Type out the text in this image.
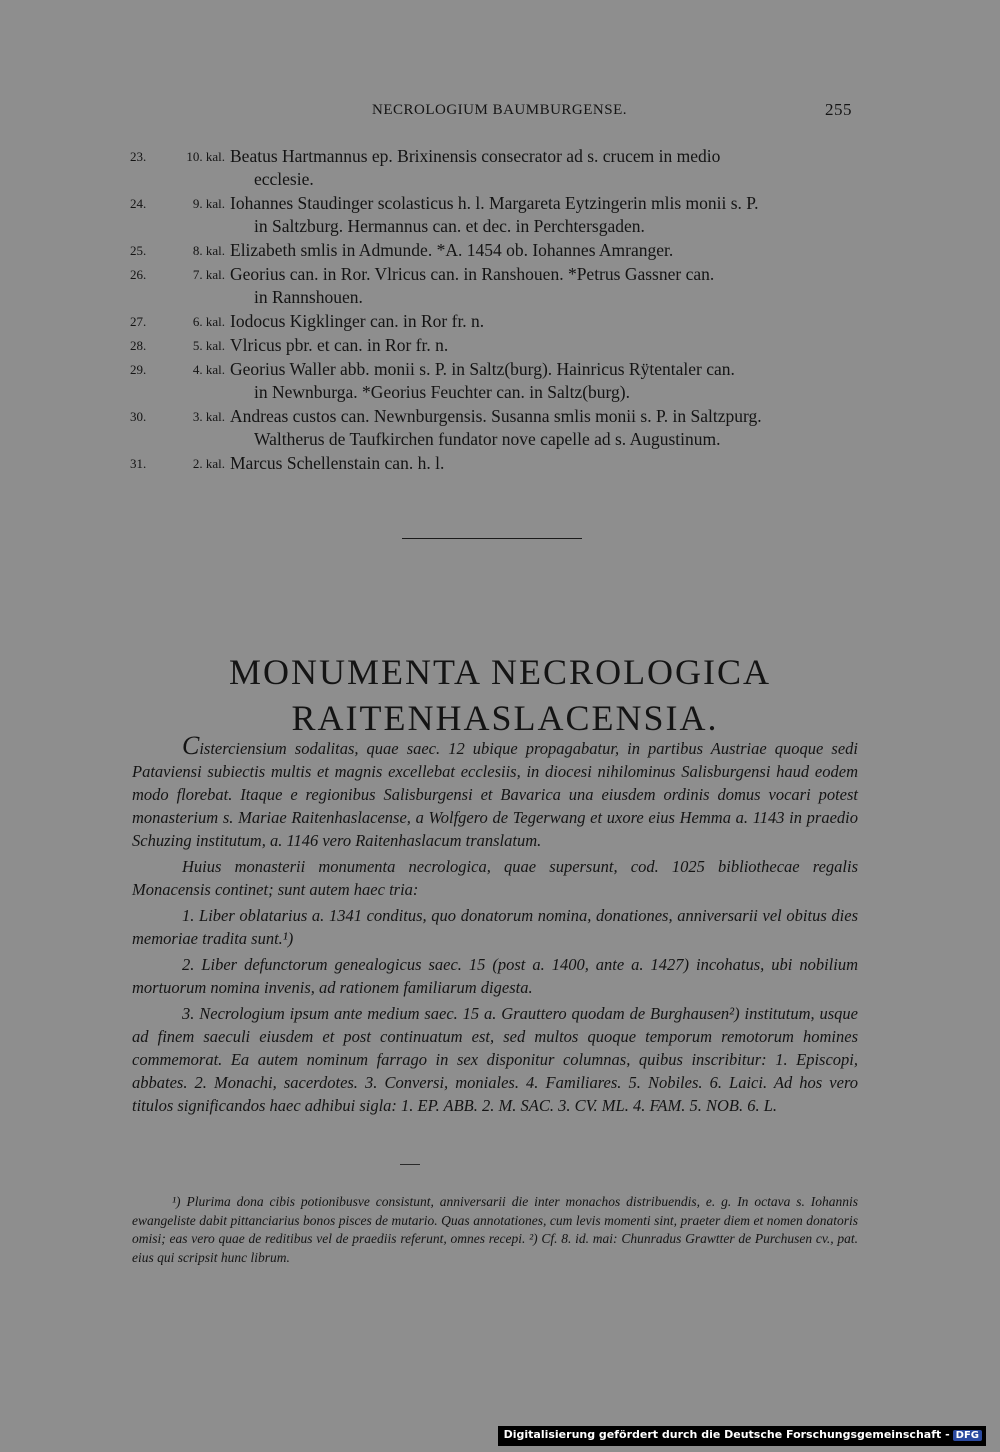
NECROLOGIUM BAUMBURGENSE.	255
23.	10. kal. Beatus Hartmannus ep. Brixinensis consecrator ad s. crucem in medio
ecclesie.
24.	9. kal. Iohannes Staudinger scolasticus h. l. Margareta Eytzingerin mlis monii s. P.
in Saltzburg. Hermannus can. et dec. in Perchtersgaden.
25.	8. kal. Elizabeth smlis in Admunde. *A. 1454 ob. Iohannes Amranger.
26.	7. kal. Georius can. in Ror. Vlricus can. in Ranshouen. *Petrus Gassner can.
in Rannshouen.
27.	6. kal. Iodocus Kigklinger can. in Ror fr. n.
28.	5. kal. Vlricus pbr. et can. in Ror fr. n.
29.	4. kal. Georius Waller abb. monii s. P. in Saltz(burg). Hainricus Rÿtentaler can.
in Newnburga. *Georius Feuchter can. in Saltz(burg).
30.	3. kal. Andreas custos can. Newnburgensis. Susanna smlis monii s. P. in Saltzpurg.
Waltherus de Taufkirchen fundator nove capelle ad s. Augustinum.
31.	2. kal. Marcus Schellenstain can. h. l.
MONUMENTA NECROLOGICA
RAITENHASLACENSIA.

Cisterciensium sodalitas, quae saec. 12 ubique propagabatur, in partibus Austriae quoque sedi Pataviensi subiectis multis et magnis excellebat ecclesiis, in diocesi nihilominus Salisburgensi haud eodem modo florebat. Itaque e regionibus Salisburgensi et Bavarica una eiusdem ordinis domus vocari potest monasterium s. Mariae Raitenhaslacense, a Wolfgero de Tegerwang et uxore eius Hemma a. 1143 in praedio Schuzing institutum, a. 1146 vero Raitenhaslacum translatum.

Huius monasterii monumenta necrologica, quae supersunt, cod. 1025 bibliothecae regalis Monacensis continet; sunt autem haec tria:

1. Liber oblatarius a. 1341 conditus, quo donatorum nomina, donationes, anniversarii vel obitus dies memoriae tradita sunt.¹)

2. Liber defunctorum genealogicus saec. 15 (post a. 1400, ante a. 1427) incohatus, ubi nobilium mortuorum nomina invenis, ad rationem familiarum digesta.

3. Necrologium ipsum ante medium saec. 15 a. Grauttero quodam de Burghausen²) institutum, usque ad finem saeculi eiusdem et post continuatum est, sed multos quoque temporum remotorum homines commemorat. Ea autem nominum farrago in sex disponitur columnas, quibus inscribitur: 1. Episcopi, abbates. 2. Monachi, sacerdotes. 3. Conversi, moniales. 4. Familiares. 5. Nobiles. 6. Laici. Ad hos vero titulos significandos haec adhibui sigla: 1. EP. ABB. 2. M. SAC. 3. CV. ML. 4. FAM. 5. NOB. 6. L.

¹) Plurima dona cibis potionibusve consistunt, anniversarii die inter monachos distribuendis, e. g. In octava s. Iohannis ewangeliste dabit pittanciarius bonos pisces de mutario. Quas annotationes, cum levis momenti sint, praeter diem et nomen donatoris omisi; eas vero quae de reditibus vel de praediis referunt, omnes recepi. ²) Cf. 8. id. mai: Chunradus Grawtter de Purchusen cv., pat. eius qui scripsit hunc librum.

Digitalisierung gefördert durch die Deutsche Forschungsgemeinschaft - DFG
